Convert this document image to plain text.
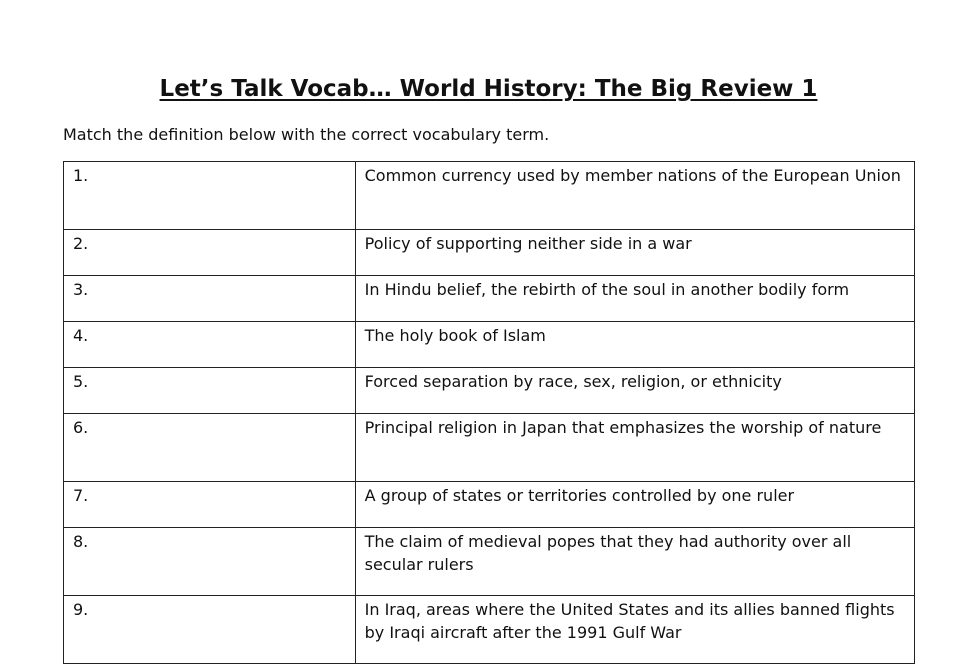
Let’s Talk Vocab… World History: The Big Review 1

Match the definition below with the correct vocabulary term.

1.	Common currency used by member nations of the European Union
2.	Policy of supporting neither side in a war
3.	In Hindu belief, the rebirth of the soul in another bodily form
4.	The holy book of Islam
5.	Forced separation by race, sex, religion, or ethnicity
6.	Principal religion in Japan that emphasizes the worship of nature
7.	A group of states or territories controlled by one ruler
8.	The claim of medieval popes that they had authority over all secular rulers
9.	In Iraq, areas where the United States and its allies banned flights by Iraqi aircraft after the 1991 Gulf War
